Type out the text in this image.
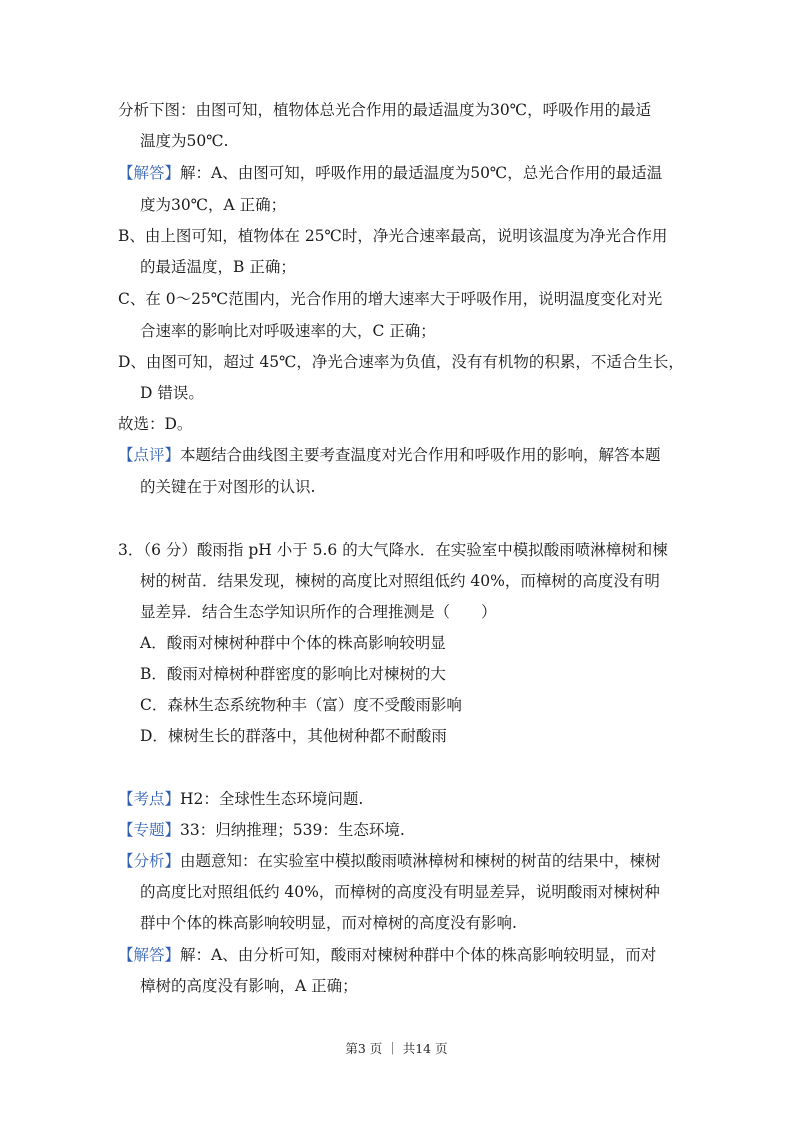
分析下图：由图可知，植物体总光合作用的最适温度为30℃，呼吸作用的最适
温度为50℃.
【解答】解：A、由图可知，呼吸作用的最适温度为50℃，总光合作用的最适温
度为30℃，A 正确；
B、由上图可知，植物体在 25℃时，净光合速率最高，说明该温度为净光合作用
的最适温度，B 正确；
C、在 0～25℃范围内，光合作用的增大速率大于呼吸作用，说明温度变化对光
合速率的影响比对呼吸速率的大，C 正确；
D、由图可知，超过 45℃，净光合速率为负值，没有有机物的积累，不适合生长，
D 错误。
故选：D。
【点评】本题结合曲线图主要考查温度对光合作用和呼吸作用的影响，解答本题
的关键在于对图形的认识.
3．（6 分）酸雨指 pH 小于 5.6 的大气降水．在实验室中模拟酸雨喷淋樟树和楝
树的树苗．结果发现，楝树的高度比对照组低约 40%，而樟树的高度没有明
显差异．结合生态学知识所作的合理推测是（　　）
A．酸雨对楝树种群中个体的株高影响较明显
B．酸雨对樟树种群密度的影响比对楝树的大
C．森林生态系统物种丰（富）度不受酸雨影响
D．楝树生长的群落中，其他树种都不耐酸雨
【考点】H2：全球性生态环境问题.
【专题】33：归纳推理；539：生态环境.
【分析】由题意知：在实验室中模拟酸雨喷淋樟树和楝树的树苗的结果中，楝树
的高度比对照组低约 40%，而樟树的高度没有明显差异，说明酸雨对楝树种
群中个体的株高影响较明显，而对樟树的高度没有影响.
【解答】解：A、由分析可知，酸雨对楝树种群中个体的株高影响较明显，而对
樟树的高度没有影响，A 正确；
第3 页 ｜ 共14 页
